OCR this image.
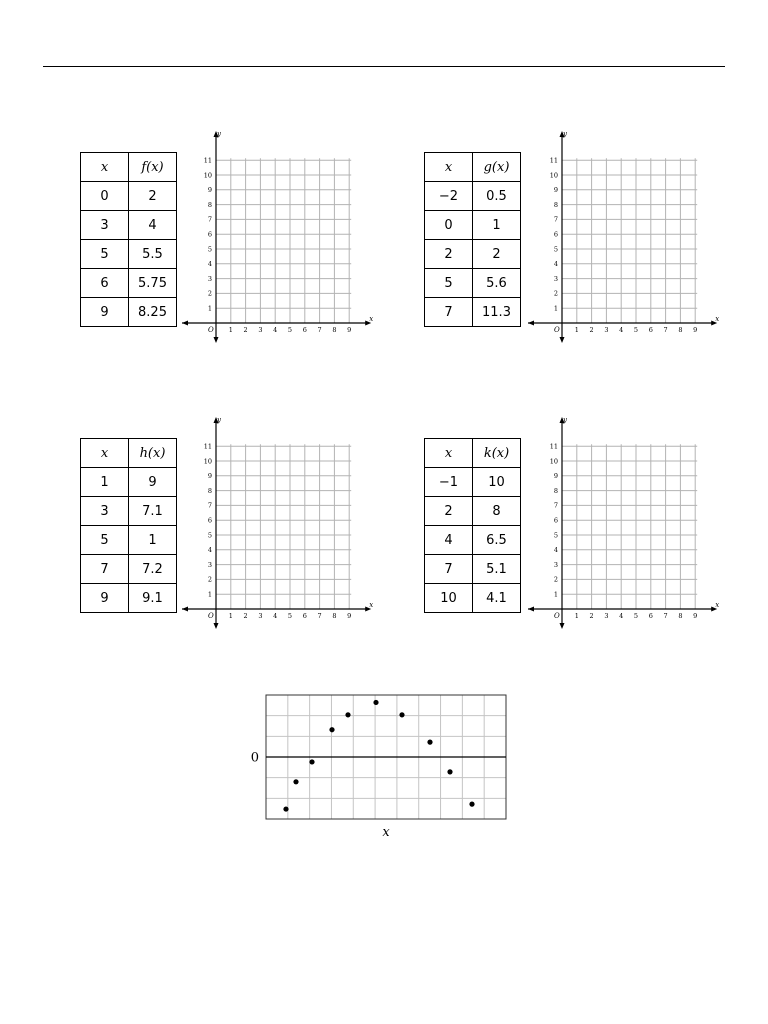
x	f(x)
0	2
3	4
5	5.5
6	5.75
9	8.25
x	g(x)
−2	0.5
0	1
2	2
5	5.6
7	11.3
x	h(x)
1	9
3	7.1
5	1
7	7.2
9	9.1
x	k(x)
−1	10
2	8
4	6.5
7	5.1
10	4.1
1 2 3 4 5 6 7 8 9
1
2
3
4
5
6
7
8
9
10
11
O
x
y
1 2 3 4 5 6 7 8 9
1
2
3
4
5
6
7
8
9
10
11
O
x
y
1 2 3 4 5 6 7 8 9
1
2
3
4
5
6
7
8
9
10
11
O
x
y
1 2 3 4 5 6 7 8 9
1
2
3
4
5
6
7
8
9
10
11
O
x
y
0
x
